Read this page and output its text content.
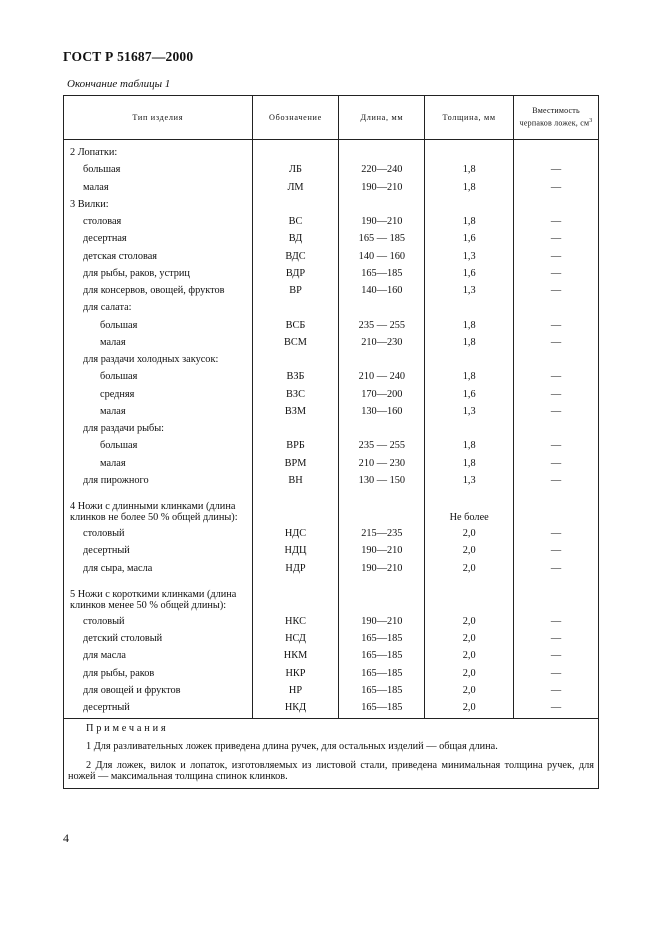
ГОСТ Р 51687—2000
Окончание таблицы 1
Тип изделия	Обозначение	Длина, мм	Толщина, мм	Вместимость черпаков ложек, $см^3$
2 Лопатки:				
большая	ЛБ	220—240	1,8	—
малая	ЛМ	190—210	1,8	—
3 Вилки:				
столовая	ВС	190—210	1,8	—
десертная	ВД	165 — 185	1,6	—
детская столовая	ВДС	140 — 160	1,3	—
для рыбы, раков, устриц	ВДР	165—185	1,6	—
для консервов, овощей, фруктов	ВР	140—160	1,3	—
для салата:				
большая	ВСБ	235 — 255	1,8	—
малая	ВСМ	210—230	1,8	—
для раздачи холодных закусок:				
большая	ВЗБ	210 — 240	1,8	—
средняя	ВЗС	170—200	1,6	—
малая	ВЗМ	130—160	1,3	—
для раздачи рыбы:				
большая	ВРБ	235 — 255	1,8	—
малая	ВРМ	210 — 230	1,8	—
для пирожного	ВН	130 — 150	1,3	—
4 Ножи с длинными клинками (длина клинков не более 50 % общей длины):			Не более	
столовый	НДС	215—235	2,0	—
десертный	НДЦ	190—210	2,0	—
для сыра, масла	НДР	190—210	2,0	—
5 Ножи с короткими клинками (длина клинков менее 50 % общей длины):				
столовый	НКС	190—210	2,0	—
детский столовый	НСД	165—185	2,0	—
для масла	НКМ	165—185	2,0	—
для рыбы, раков	НКР	165—185	2,0	—
для овощей и фруктов	НР	165—185	2,0	—
десертный	НКД	165—185	2,0	—

Примечания
1 Для разливательных ложек приведена длина ручек, для остальных изделий — общая длина.
2 Для ложек, вилок и лопаток, изготовляемых из листовой стали, приведена минимальная толщина ручек, для ножей — максимальная толщина спинок клинков.				
4
